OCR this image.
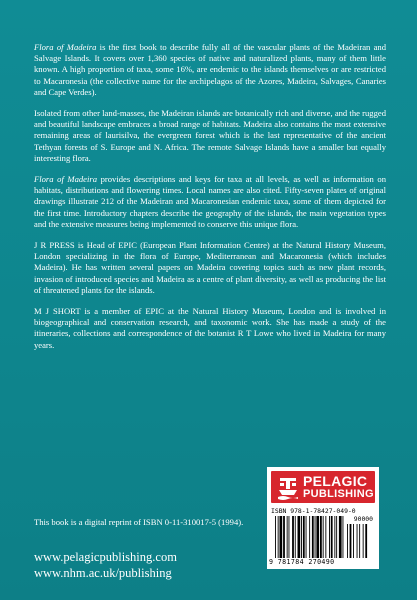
Flora of Madeira is the first book to describe fully all of the vascular plants of the Madeiran and Salvage Islands. It covers over 1,360 species of native and naturalized plants, many of them little known. A high proportion of taxa, some 16%, are endemic to the islands themselves or are restricted to Macaronesia (the collective name for the archipelagos of the Azores, Madeira, Salvages, Canaries and Cape Verdes).

Isolated from other land-masses, the Madeiran islands are botanically rich and diverse, and the rugged and beautiful landscape embraces a broad range of habitats. Madeira also contains the most extensive remaining areas of laurisilva, the evergreen forest which is the last representative of the ancient Tethyan forests of S. Europe and N. Africa. The remote Salvage Islands have a smaller but equally interesting flora.

Flora of Madeira provides descriptions and keys for taxa at all levels, as well as information on habitats, distributions and flowering times. Local names are also cited. Fifty-seven plates of original drawings illustrate 212 of the Madeiran and Macaronesian endemic taxa, some of them depicted for the first time. Introductory chapters describe the geography of the islands, the main vegetation types and the extensive measures being implemented to conserve this unique flora.

J R PRESS is Head of EPIC (European Plant Information Centre) at the Natural History Museum, London specializing in the flora of Europe, Mediterranean and Macaronesia (which includes Madeira). He has written several papers on Madeira covering topics such as new plant records, invasion of introduced species and Madeira as a centre of plant diversity, as well as producing the list of threatened plants for the islands.

M J SHORT is a member of EPIC at the Natural History Museum, London and is involved in biogeographical and conservation research, and taxonomic work. She has made a study of the itineraries, collections and correspondence of the botanist R T Lowe who lived in Madeira for many years.

This book is a digital reprint of ISBN 0-11-310017-5 (1994).
www.pelagicpublishing.com
www.nhm.ac.uk/publishing
PELAGIC
PUBLISHING
ISBN 978-1-78427-049-0
90000
9 781784 270490
